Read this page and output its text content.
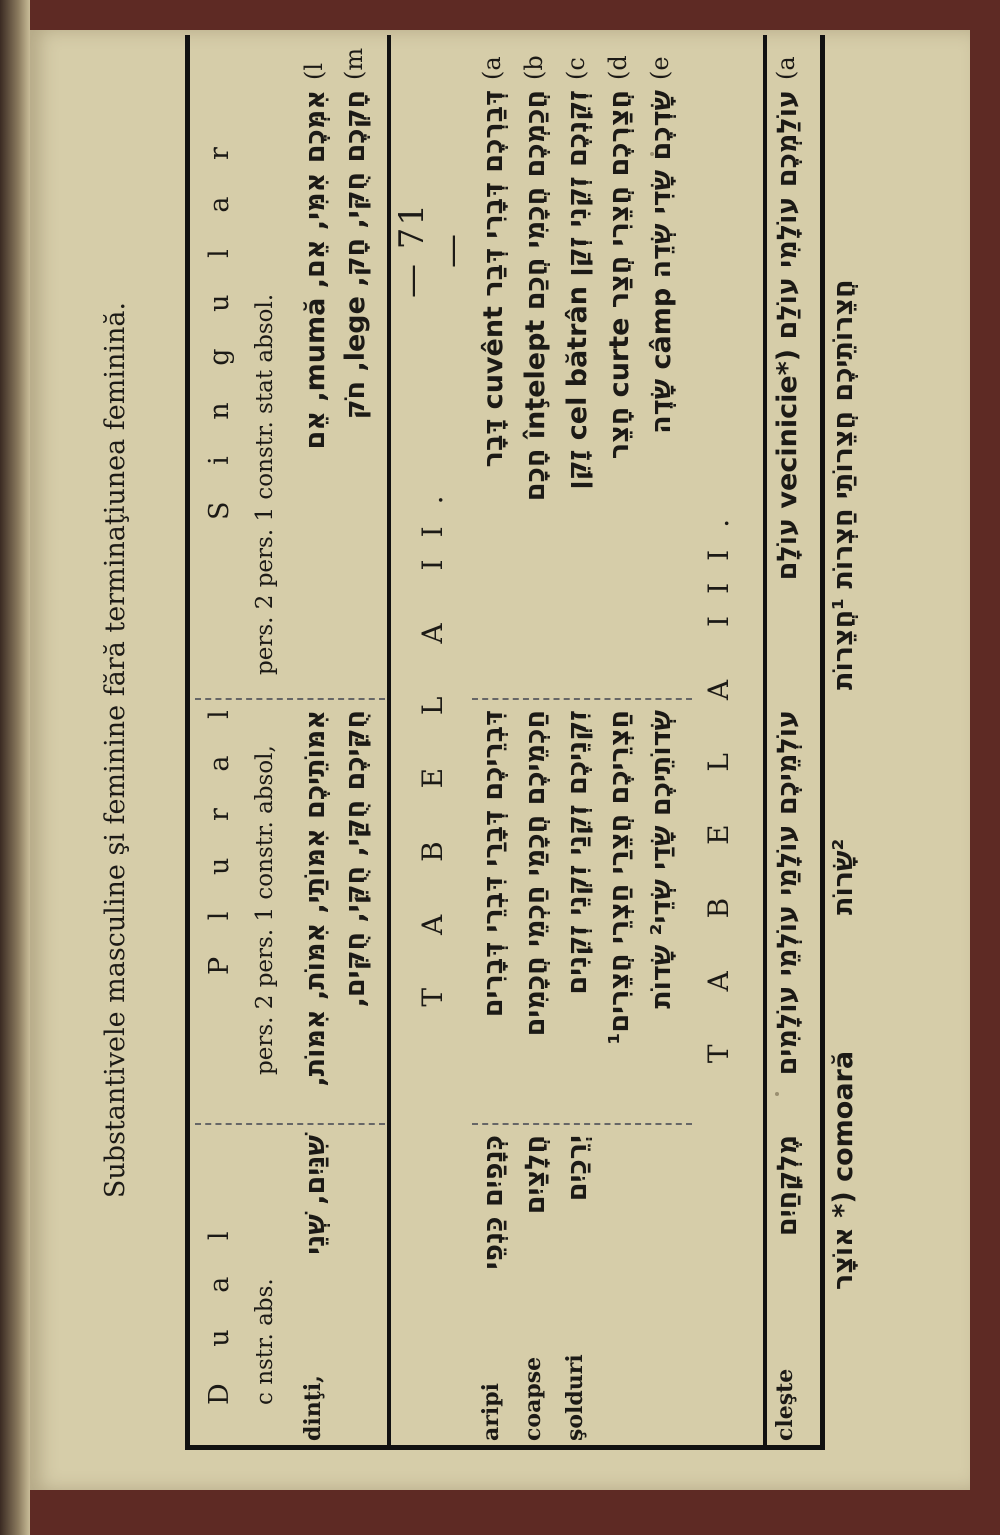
— 71 —
Substantivele masculine şi feminine fără terminaţiunea feminină.
D u a l c nstr. abs.
P l u r a l pers. 2 pers. 1 constr. absol,
S i n g u l a r pers. 2 pers. 1 constr. stat absol.
dinţi,
שִׁנַּיִם, שְׁנֵי
אִמּוֹתֵיכֶם אִמּוֹתַי, אִמּוֹת, אִמּוֹת,
אִמְּכֶם אִמִּי, אֵם, mumă, אֵם
(l
חֻקֵּיכֶם חֻקַּי, חֻקֵּי, חֻקִּים,
חָקְכֶם חֻקִּי, חָק, lege, חֹק
(m
T A B E L A II.
aripi
כְּנָפַיִם כַּנְפֵי
דִּבְרֵיכֶם דְּבָרַי דִּבְרֵי דְּבָרִים
דְּבַרְכֶם דְּבָרִי דְּבַר cuvênt דָּבָר
(a
coapse
חֲלָצַיִם
חַכְמֵיכֶם חֲכָמַי חַכְמֵי חֲכָמִים
חֲכַמְכֶם חֲכָמִי חֲכַם înţelept חָכָם
(b
şolduri
יְרֵכַיִם
זִקְנֵיכֶם זְקֵנַי זִקְנֵי זְקֵנִים
זְקֵנְכֶם זְקֵנִי זְקַן cel bătrân זָקֵן
(c
חַצְרֵיכֶם חֲצֵרַי חַצְרֵי חֲצֵרִים¹
חֲצַרְכֶם חֲצֵרִי חֲצַר curte חָצֵר
(d
שְׂדוֹתֵיכֶם שָׂדַי שְׂדֵי² שָׂדוֹת
שָׂדְכֶם שָׂדִי שְׂדֵה câmp שָׂדֶה
(e
T A B E L A III.
cleşte
מֶלְקָחַיִם
עוֹלְמֵיכֶם עוֹלָמַי עוֹלְמֵי עוֹלָמִים
עוֹלַמְכֶם עוֹלָמִי עוֹלַם (*vecinicie עוֹלָם
(a
comoară (* אוֹצָר
²שָׂרוֹת
חֲצֵרוֹתֵיכֶם חֲצֵרוֹתַי חַצְרוֹת ¹חֲצֵרוֹת
